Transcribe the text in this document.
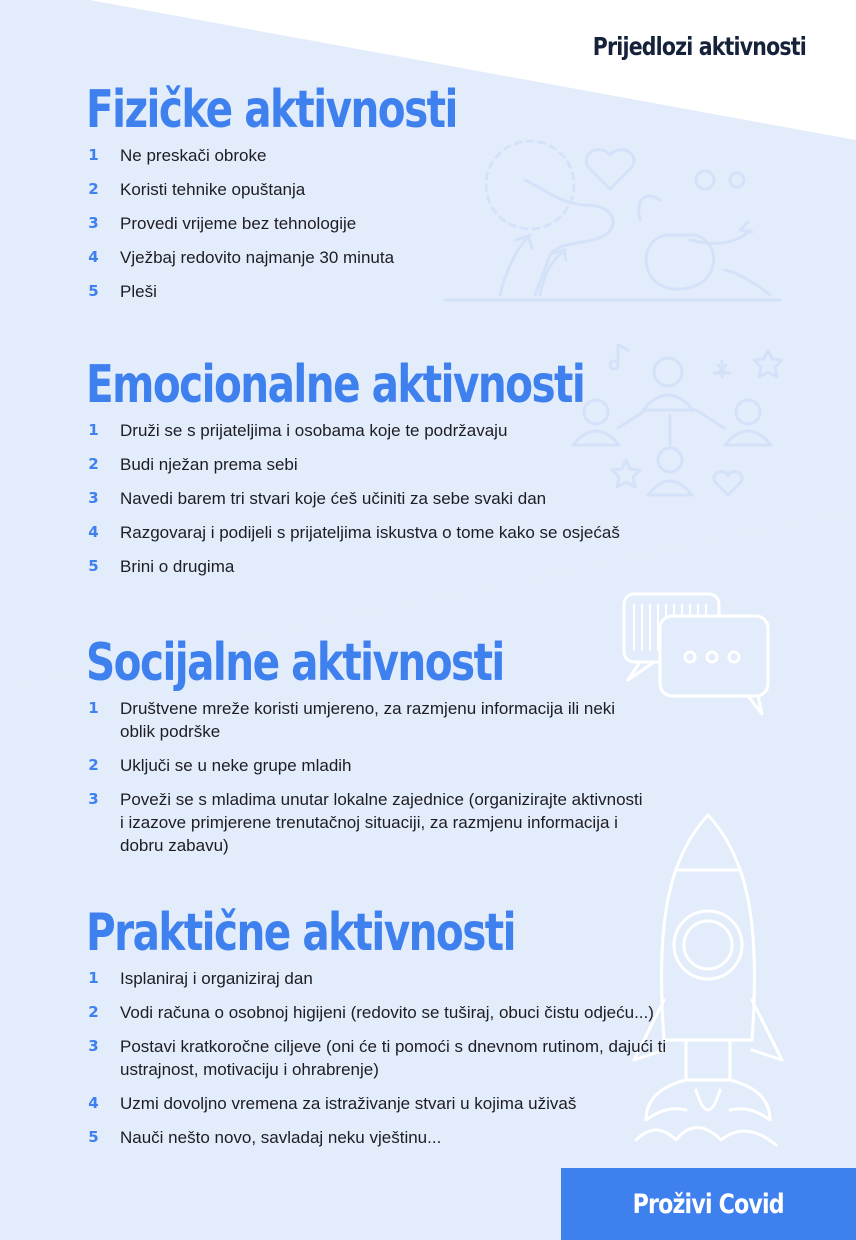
Prijedlozi aktivnosti
Fizičke aktivnosti
1	Ne preskači obroke
2	Koristi tehnike opuštanja
3	Provedi vrijeme bez tehnologije
4	Vježbaj redovito najmanje 30 minuta
5	Pleši
Emocionalne aktivnosti
1	Druži se s prijateljima i osobama koje te podržavaju
2	Budi nježan prema sebi
3	Navedi barem tri stvari koje ćeš učiniti za sebe svaki dan
4	Razgovaraj i podijeli s prijateljima iskustva o tome kako se osjećaš
5	Brini o drugima
Socijalne aktivnosti
1	Društvene mreže koristi umjereno, za razmjenu informacija ili neki oblik podrške
2	Uključi se u neke grupe mladih
3	Poveži se s mladima unutar lokalne zajednice (organizirajte aktivnosti i izazove primjerene trenutačnoj situaciji, za razmjenu informacija i dobru zabavu)
Praktične aktivnosti
1	Isplaniraj i organiziraj dan
2	Vodi računa o osobnoj higijeni (redovito se tuširaj, obuci čistu odjeću...)
3	Postavi kratkoročne ciljeve (oni će ti pomoći s dnevnom rutinom, dajući ti ustrajnost, motivaciju i ohrabrenje)
4	Uzmi dovoljno vremena za istraživanje stvari u kojima uživaš
5	Nauči nešto novo, savladaj neku vještinu...
Proživi Covid
